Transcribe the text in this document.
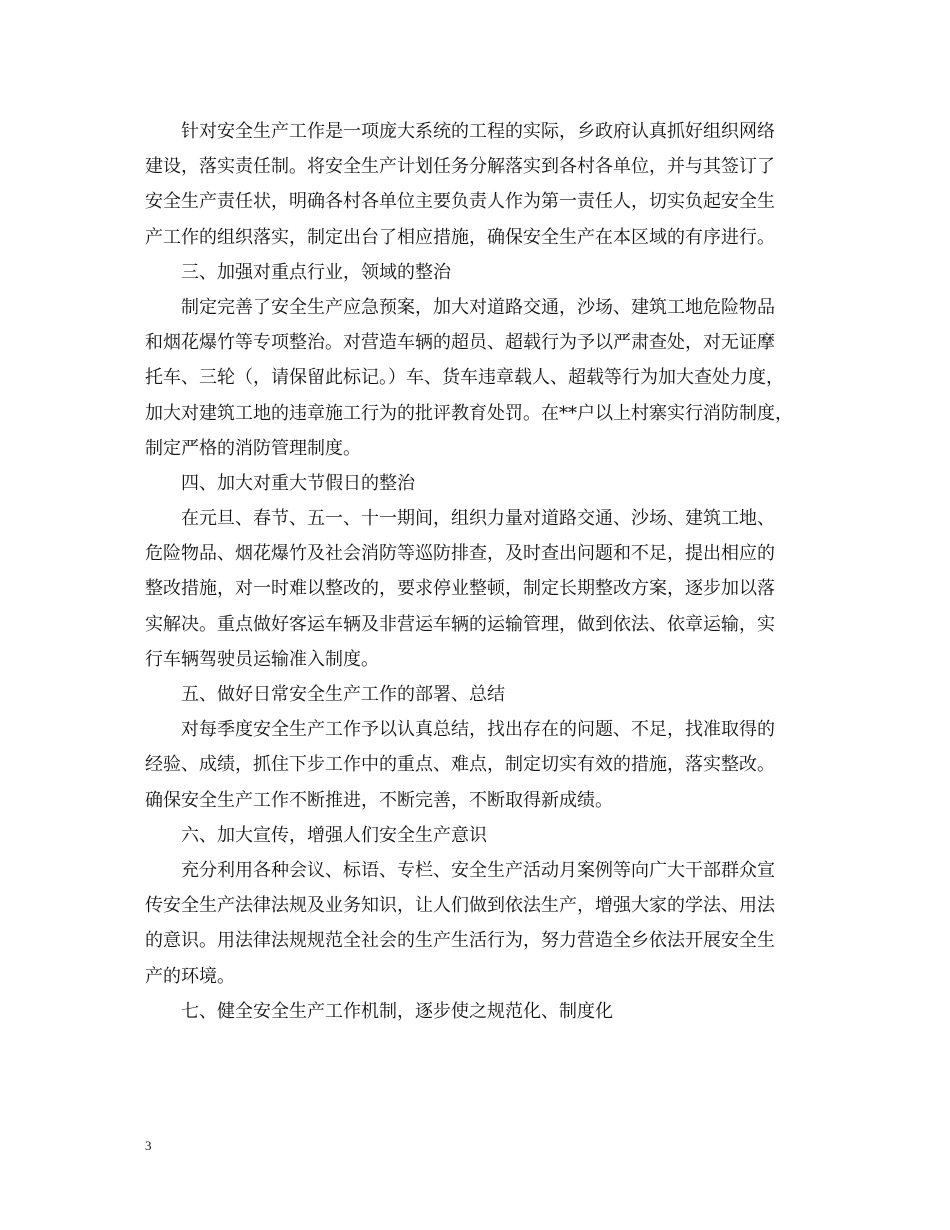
针对安全生产工作是一项庞大系统的工程的实际，乡政府认真抓好组织网络
建设，落实责任制。将安全生产计划任务分解落实到各村各单位，并与其签订了
安全生产责任状，明确各村各单位主要负责人作为第一责任人，切实负起安全生
产工作的组织落实，制定出台了相应措施，确保安全生产在本区域的有序进行。
三、加强对重点行业，领域的整治
制定完善了安全生产应急预案，加大对道路交通，沙场、建筑工地危险物品
和烟花爆竹等专项整治。对营造车辆的超员、超载行为予以严肃查处，对无证摩
托车、三轮（，请保留此标记。）车、货车违章载人、超载等行为加大查处力度，
加大对建筑工地的违章施工行为的批评教育处罚。在**户以上村寨实行消防制度，
制定严格的消防管理制度。
四、加大对重大节假日的整治
在元旦、春节、五一、十一期间，组织力量对道路交通、沙场、建筑工地、
危险物品、烟花爆竹及社会消防等巡防排查，及时查出问题和不足，提出相应的
整改措施，对一时难以整改的，要求停业整顿，制定长期整改方案，逐步加以落
实解决。重点做好客运车辆及非营运车辆的运输管理，做到依法、依章运输，实
行车辆驾驶员运输准入制度。
五、做好日常安全生产工作的部署、总结
对每季度安全生产工作予以认真总结，找出存在的问题、不足，找准取得的
经验、成绩，抓住下步工作中的重点、难点，制定切实有效的措施，落实整改。
确保安全生产工作不断推进，不断完善，不断取得新成绩。
六、加大宣传，增强人们安全生产意识
充分利用各种会议、标语、专栏、安全生产活动月案例等向广大干部群众宣
传安全生产法律法规及业务知识，让人们做到依法生产，增强大家的学法、用法
的意识。用法律法规规范全社会的生产生活行为，努力营造全乡依法开展安全生
产的环境。
七、健全安全生产工作机制，逐步使之规范化、制度化
3
